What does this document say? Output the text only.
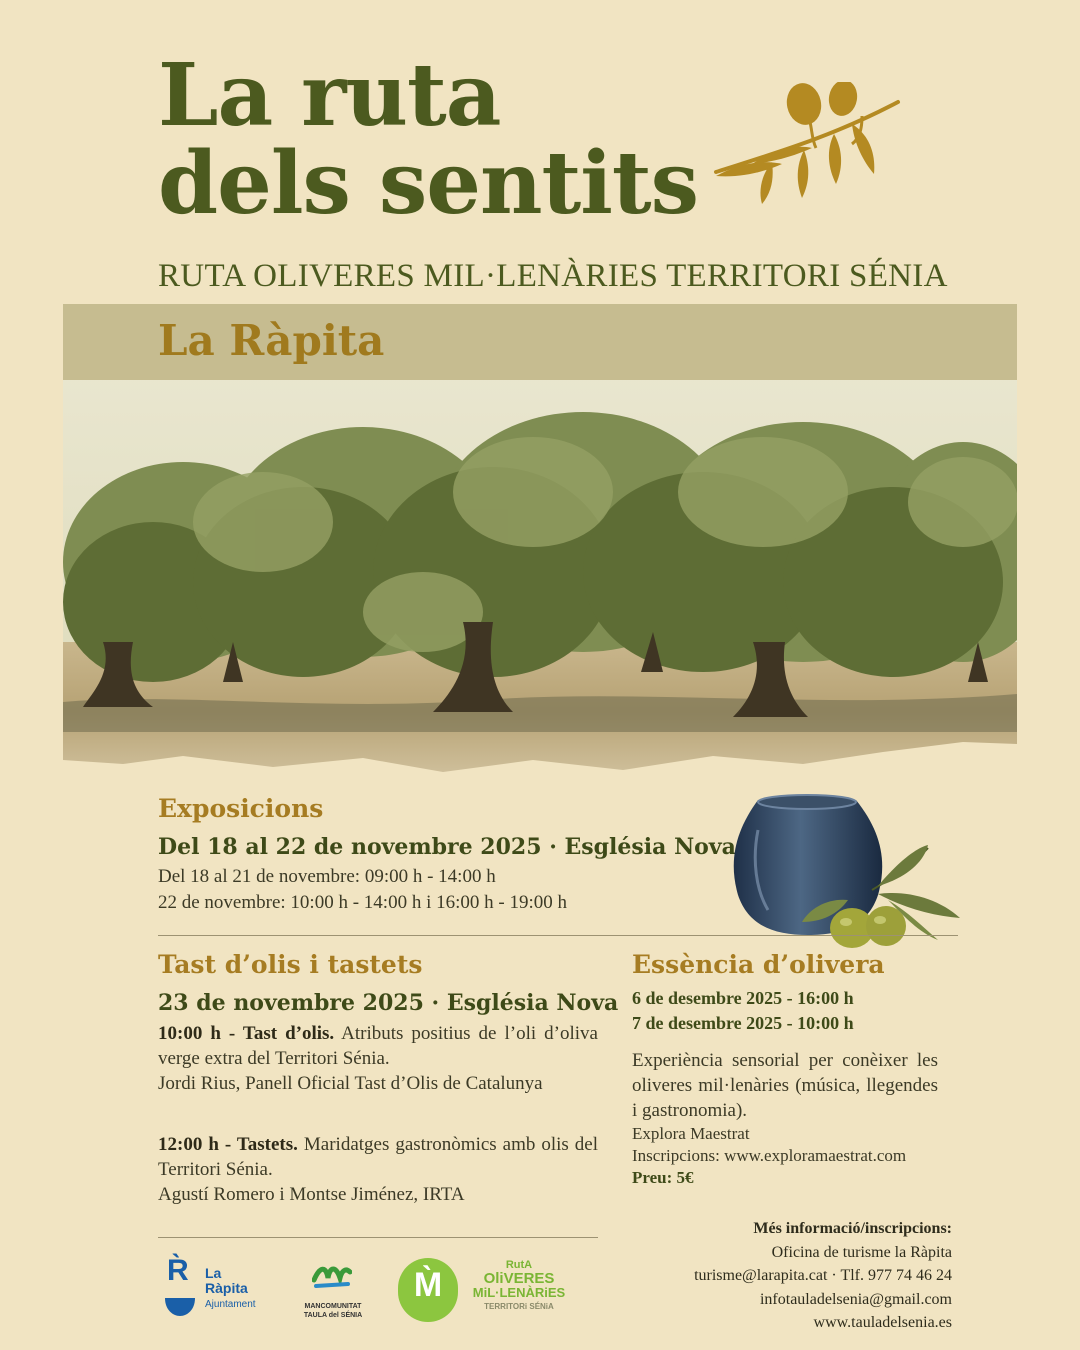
La ruta
dels sentits
RUTA OLIVERES MIL·LENÀRIES TERRITORI SÉNIA
La Ràpita
Exposicions
Del 18 al 22 de novembre 2025 · Església Nova
Del 18 al 21 de novembre: 09:00 h - 14:00 h
22 de novembre: 10:00 h - 14:00 h i 16:00 h - 19:00 h
Tast d’olis i tastets
23 de novembre 2025 · Església Nova
10:00 h - Tast d’olis. Atributs positius de l’oli d’oliva verge extra del Territori Sénia.
Jordi Rius, Panell Oficial Tast d’Olis de Catalunya
12:00 h - Tastets. Maridatges gastronòmics amb olis del Territori Sénia.
Agustí Romero i Montse Jiménez, IRTA
Essència d’olivera
6 de desembre 2025 - 16:00 h
7 de desembre 2025 - 10:00 h
Experiència sensorial per conèixer les oliveres mil·lenàries (música, llegendes i gastronomia).
Explora Maestrat
Inscripcions: www.exploramaestrat.com
Preu: 5€
R̀ La
Ràpita
Ajuntament	MANCOMUNITAT
TAULA del SÉNIA
M̀
RutA
OliVERES
MiL·LENÀRiES
TERRITORi SÉNiA
Més informació/inscripcions:
Oficina de turisme la Ràpita
turisme@larapita.cat · Tlf. 977 74 46 24
infotauladelsenia@gmail.com
www.tauladelsenia.es
